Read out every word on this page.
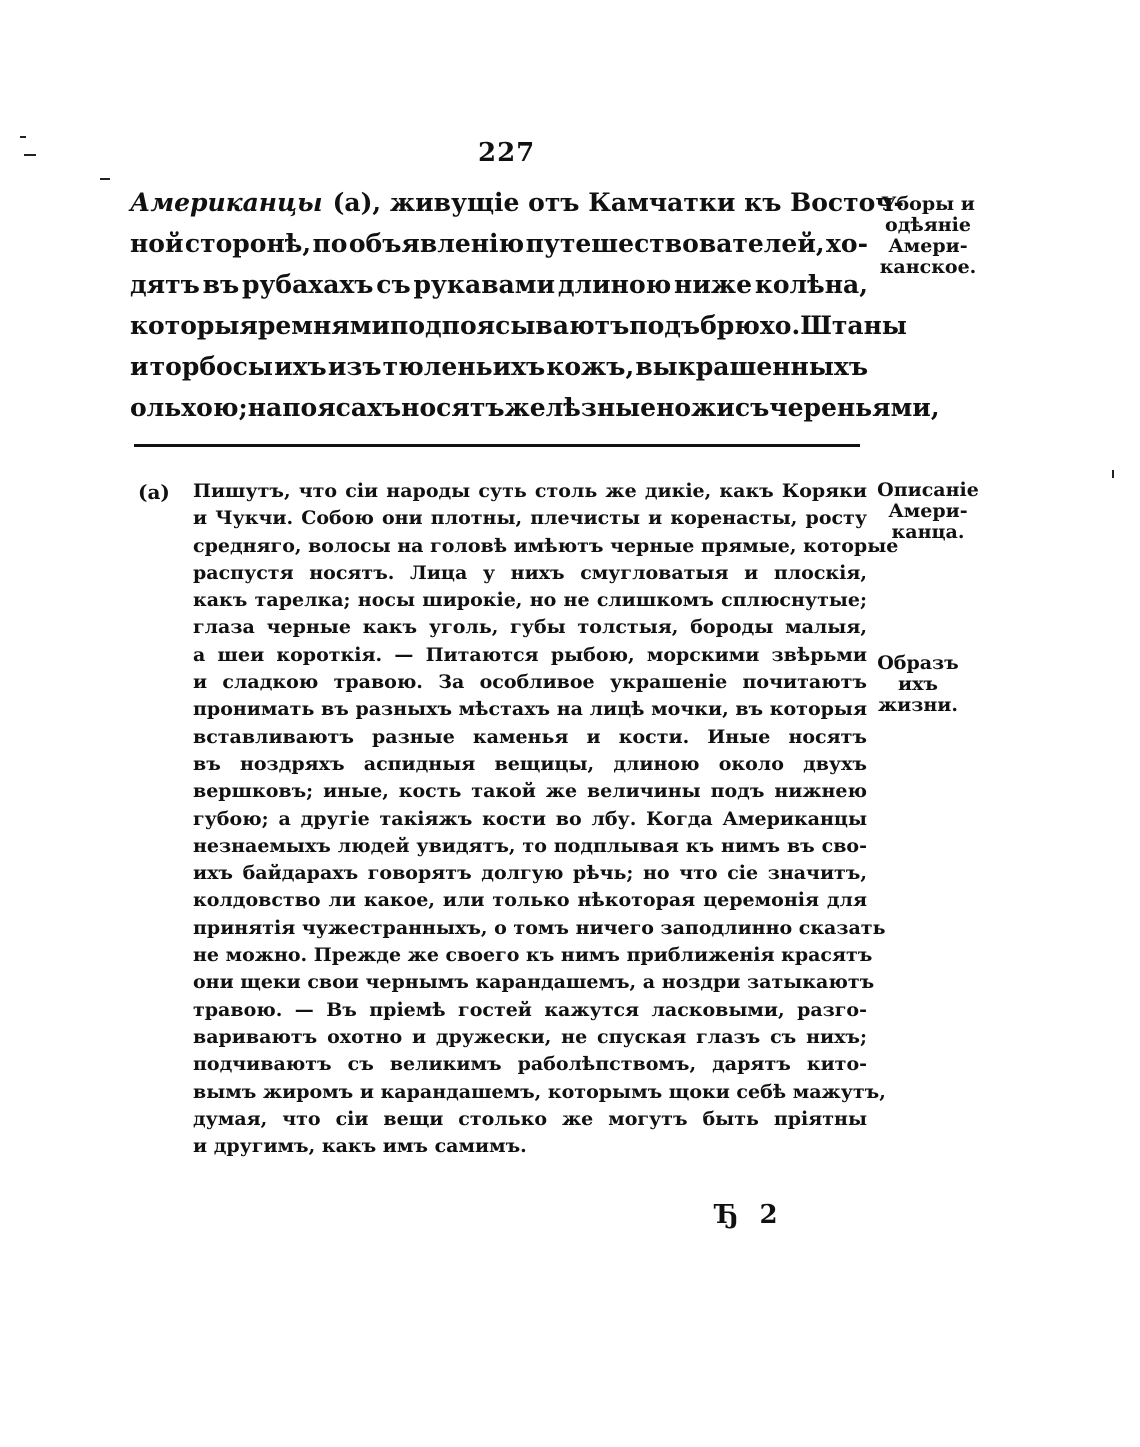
227
Американцы (а), живущіе отъ Камчатки къ Восточ-
ной сторонѣ, по объявленію путешествователей, хо-
дятъ въ рубахахъ съ рукавами длиною ниже колѣна,
которыя ремнями подпоясываютъ подъ брюхо. Штаны
и торбосы ихъ изъ тюленьихъ кожъ, выкрашенныхъ
ольхою; на поясахъ носятъ желѣзные ножи съ череньями,
Уборы и
одѣяніе
Амери-
канское.
(а) Пишутъ, что сіи народы суть столь же дикіе, какъ Коряки
и Чукчи. Собою они плотны, плечисты и коренасты, росту
средняго, волосы на головѣ имѣютъ черные прямые, которые
распустя носятъ. Лица у нихъ смугловатыя и плоскія,
какъ тарелка; носы широкіе, но не слишкомъ сплюснутые;
глаза черные какъ уголь, губы толстыя, бороды малыя,
а шеи короткія. — Питаются рыбою, морскими звѣрьми
и сладкою травою. За особливое украшеніе почитаютъ
пронимать въ разныхъ мѣстахъ на лицѣ мочки, въ которыя
вставливаютъ разные каменья и кости. Иные носятъ
въ ноздряхъ аспидныя вещицы, длиною около двухъ
вершковъ; иные, кость такой же величины подъ нижнею
губою; а другіе такіяжъ кости во лбу. Когда Американцы
незнаемыхъ людей увидятъ, то подплывая къ нимъ въ сво-
ихъ байдарахъ говорятъ долгую рѣчь; но что сіе значитъ,
колдовство ли какое, или только нѣкоторая церемонія для
принятія чужестранныхъ, о томъ ничего заподлинно сказать
не можно. Прежде же своего къ нимъ приближенія красятъ
они щеки свои чернымъ карандашемъ, а ноздри затыкаютъ
травою. — Въ пріемѣ гостей кажутся ласковыми, разго-
вариваютъ охотно и дружески, не спуская глазъ съ нихъ;
подчиваютъ съ великимъ раболѣпствомъ, дарятъ кито-
вымъ жиромъ и карандашемъ, которымъ щоки себѣ мажутъ,
думая, что сіи вещи столько же могутъ быть пріятны
и другимъ, какъ имъ самимъ.
Описаніе
Амери-
канца.
Образъ
ихъ
жизни.
Ђ 2
